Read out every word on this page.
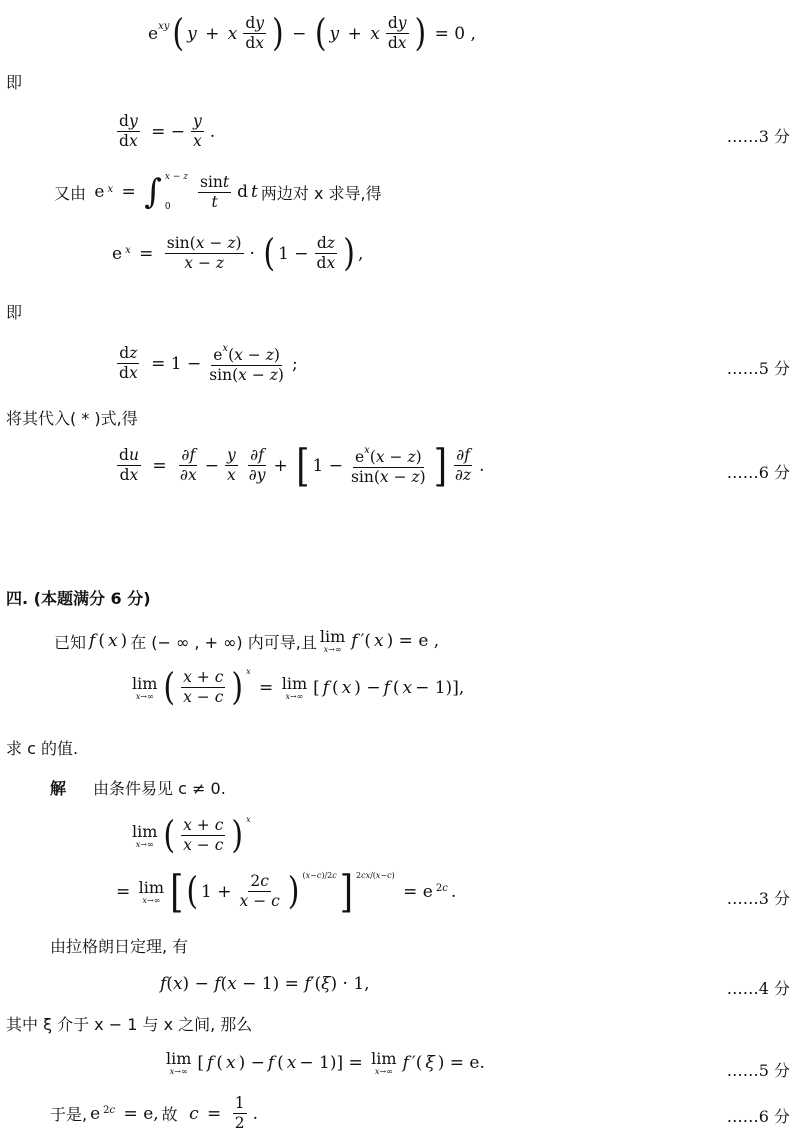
$e^{xy}$ ( y + x $\frac{dy}{dx}$ ) − ( y + x $\frac{dy}{dx}$ ) = 0 ,
即
$\frac{dy}{dx}$ = − $\frac{y}{x}$ .	……3 分
又由 e x = ∫ x − z
0	$\frac{\sin t}{t}$ d t 两边对 x 求导,得
e $x = \frac{\sin(x - z)}{x - z}$ · ( $1 - \frac{dz}{dx}$ ) ,
即
$\frac{dz}{dx} = 1 - \frac{e^x(x - z)}{\sin(x - z)}$ ;	……5 分
将其代入( * )式,得
$\frac{du}{dx} = \frac{\partial f}{\partial x} - \frac{y}{x} \frac{\partial f}{\partial y}$ + [ $1 - \frac{e^x(x - z)}{\sin(x - z)}$ ] $\frac{\partial f}{\partial z}$ .	……6 分
四. (本题满分 6 分)
已知 f ( x ) 在 (− ∞ , + ∞) 内可导,且 lim
x→∞ f ′( x ) = e ,
lim
x→∞ ( $\frac{x + c}{x - c}$ ) x
= lim
x→∞ [ f ( x ) − f ( x − 1)],
求 c 的值.
解 由条件易见 c ≠ 0.
lim
x→∞ ( $\frac{x + c}{x - c}$ ) x
= lim
x→∞ [ ( $1 + \frac{2c}{x - c}$ ) (x−c)/2c ] 2cx/(x−c)
= e 2c .	……3 分
由拉格朗日定理, 有
f(x) − f(x − 1) = f′(ξ) · 1,	……4 分
其中 ξ 介于 x − 1 与 x 之间, 那么
lim
x→∞ [ f ( x ) − f ( x − 1)] = lim
x→∞ f ′( ξ ) = e.	……5 分
于是, e 2c = e, 故
$c = \frac{1}{2}$ .	……6 分
